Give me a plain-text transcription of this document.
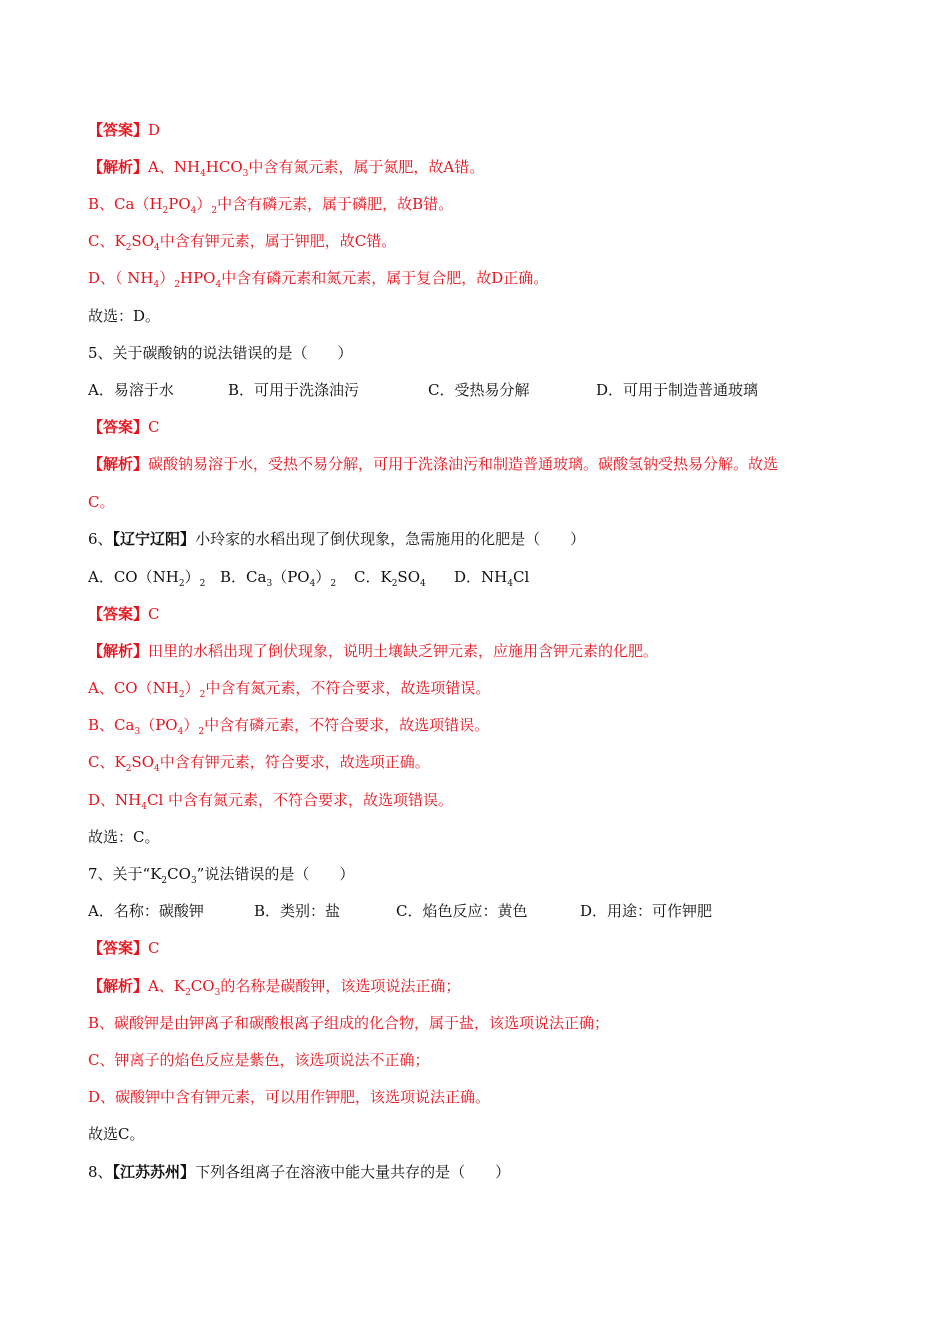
【答案】D
【解析】A、$NH_4HCO_3$中含有氮元素，属于氮肥，故A错。
B、$Ca(H_2PO_4)_2$中含有磷元素，属于磷肥，故B错。
C、$K_2SO_4$中含有钾元素，属于钾肥，故C错。
D、（ $NH_4)_2HPO_4$中含有磷元素和氮元素，属于复合肥，故D正确。
故选：D。
5、关于碳酸钠的说法错误的是（　　）
A．易溶于水	B．可用于洗涤油污	C．受热易分解	D．可用于制造普通玻璃
【答案】C
【解析】碳酸钠易溶于水，受热不易分解，可用于洗涤油污和制造普通玻璃。碳酸氢钠受热易分解。故选
C。
6、【辽宁辽阳】小玲家的水稻出现了倒伏现象，急需施用的化肥是（　　）
A．$CO(NH_2)_2$ B．$Ca_3(PO_4)_2$ C．$K_2SO_4$ D．$NH_4Cl$
【答案】C
【解析】田里的水稻出现了倒伏现象，说明土壤缺乏钾元素，应施用含钾元素的化肥。
A、$CO(NH_2)_2$中含有氮元素，不符合要求，故选项错误。
B、$Ca_3(PO_4)_2$中含有磷元素，不符合要求，故选项错误。
C、$K_2SO_4$中含有钾元素，符合要求，故选项正确。
D、$NH_4Cl$ 中含有氮元素，不符合要求，故选项错误。
故选：C。
7、关于“$K_2CO_3$”说法错误的是（　　）
A．名称：碳酸钾	B．类别：盐	C．焰色反应：黄色	D．用途：可作钾肥
【答案】C
【解析】A、$K_2CO_3$的名称是碳酸钾，该选项说法正确；
B、碳酸钾是由钾离子和碳酸根离子组成的化合物，属于盐，该选项说法正确；
C、钾离子的焰色反应是紫色，该选项说法不正确；
D、碳酸钾中含有钾元素，可以用作钾肥，该选项说法正确。
故选C。
8、【江苏苏州】下列各组离子在溶液中能大量共存的是（　　）
